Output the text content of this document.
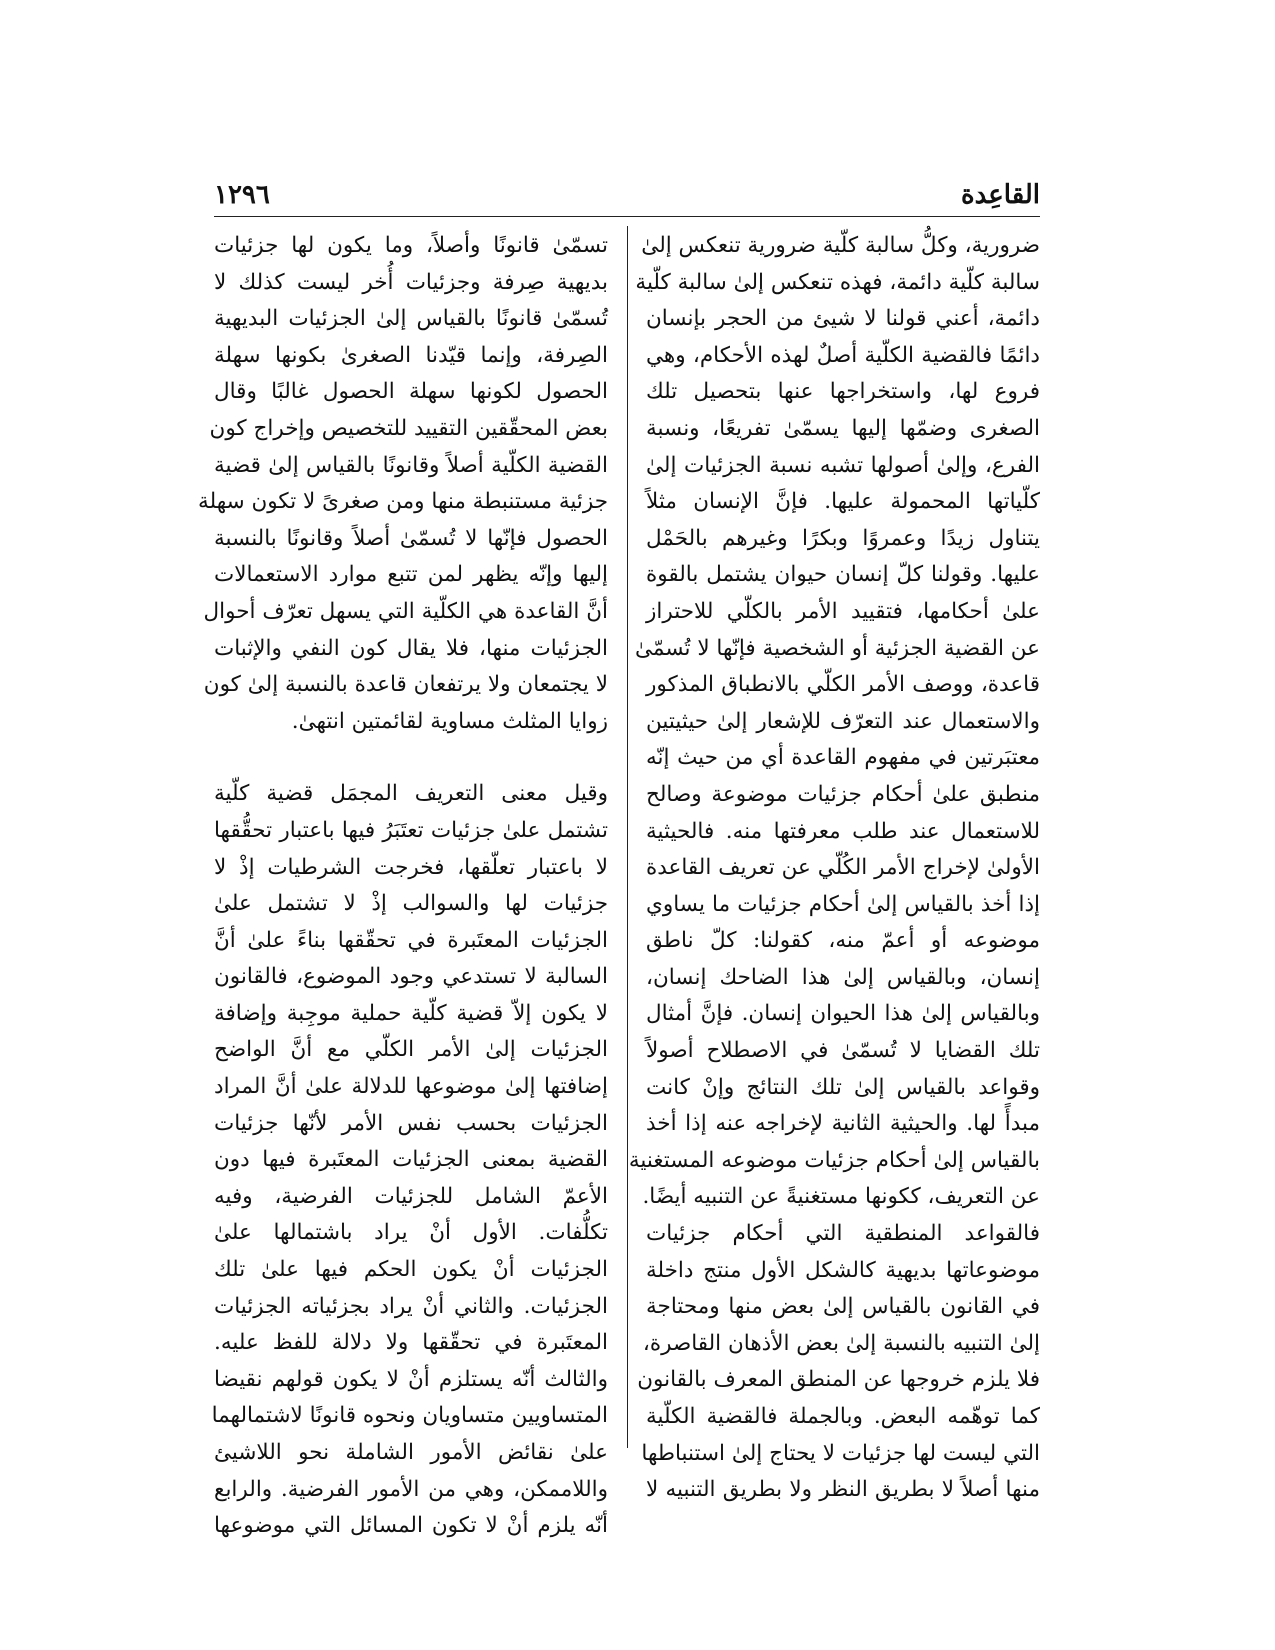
القاعِدة
١٢٩٦
ضرورية، وكلُّ سالبة كلّية ضرورية تنعكس إلىٰ
سالبة كلّية دائمة، فهذه تنعكس إلىٰ سالبة كلّية
دائمة، أعني قولنا لا شيئ من الحجر بإنسان
دائمًا فالقضية الكلّية أصلٌ لهذه الأحكام، وهي
فروع لها، واستخراجها عنها بتحصيل تلك
الصغرى وضمّها إليها يسمّىٰ تفريعًا، ونسبة
الفرع، وإلىٰ أصولها تشبه نسبة الجزئيات إلىٰ
كلّياتها المحمولة عليها. فإنَّ الإنسان مثلاً
يتناول زيدًا وعمروًا وبكرًا وغيرهم بالحَمْل
عليها. وقولنا كلّ إنسان حيوان يشتمل بالقوة
علىٰ أحكامها، فتقييد الأمر بالكلّي للاحتراز
عن القضية الجزئية أو الشخصية فإنّها لا تُسمّىٰ
قاعدة، ووصف الأمر الكلّي بالانطباق المذكور
والاستعمال عند التعرّف للإشعار إلىٰ حيثيتين
معتبَرتين في مفهوم القاعدة أي من حيث إنّه
منطبق علىٰ أحكام جزئيات موضوعة وصالح
للاستعمال عند طلب معرفتها منه. فالحيثية
الأولىٰ لإخراج الأمر الكُلّي عن تعريف القاعدة
إذا أخذ بالقياس إلىٰ أحكام جزئيات ما يساوي
موضوعه أو أعمّ منه، كقولنا: كلّ ناطق
إنسان، وبالقياس إلىٰ هذا الضاحك إنسان،
وبالقياس إلىٰ هذا الحيوان إنسان. فإنَّ أمثال
تلك القضايا لا تُسمّىٰ في الاصطلاح أصولاً
وقواعد بالقياس إلىٰ تلك النتائج وإنْ كانت
مبدأً لها. والحيثية الثانية لإخراجه عنه إذا أخذ
بالقياس إلىٰ أحكام جزئيات موضوعه المستغنية
عن التعريف، ككونها مستغنيةً عن التنبيه أيضًا.
فالقواعد المنطقية التي أحكام جزئيات
موضوعاتها بديهية كالشكل الأول منتج داخلة
في القانون بالقياس إلىٰ بعض منها ومحتاجة
إلىٰ التنبيه بالنسبة إلىٰ بعض الأذهان القاصرة،
فلا يلزم خروجها عن المنطق المعرف بالقانون
كما توهّمه البعض. وبالجملة فالقضية الكلّية
التي ليست لها جزئيات لا يحتاج إلىٰ استنباطها
منها أصلاً لا بطريق النظر ولا بطريق التنبيه لا
تسمّىٰ قانونًا وأصلاً، وما يكون لها جزئيات
بديهية صِرفة وجزئيات أُخر ليست كذلك لا
تُسمّىٰ قانونًا بالقياس إلىٰ الجزئيات البديهية
الصِرفة، وإنما قيّدنا الصغرىٰ بكونها سهلة
الحصول لكونها سهلة الحصول غالبًا وقال
بعض المحقّقين التقييد للتخصيص وإخراج كون
القضية الكلّية أصلاً وقانونًا بالقياس إلىٰ قضية
جزئية مستنبطة منها ومن صغرىً لا تكون سهلة
الحصول فإنّها لا تُسمّىٰ أصلاً وقانونًا بالنسبة
إليها وإنّه يظهر لمن تتبع موارد الاستعمالات
أنَّ القاعدة هي الكلّية التي يسهل تعرّف أحوال
الجزئيات منها، فلا يقال كون النفي والإثبات
لا يجتمعان ولا يرتفعان قاعدة بالنسبة إلىٰ كون
زوايا المثلث مساوية لقائمتين انتهىٰ.
وقيل معنى التعريف المجمَل قضية كلّية
تشتمل علىٰ جزئيات تعتَبَرُ فيها باعتبار تحقُّقها
لا باعتبار تعلّقها، فخرجت الشرطيات إذْ لا
جزئيات لها والسوالب إذْ لا تشتمل علىٰ
الجزئيات المعتَبرة في تحقّقها بناءً علىٰ أنَّ
السالبة لا تستدعي وجود الموضوع، فالقانون
لا يكون إلاّ قضية كلّية حملية موجِبة وإضافة
الجزئيات إلىٰ الأمر الكلّي مع أنَّ الواضح
إضافتها إلىٰ موضوعها للدلالة علىٰ أنَّ المراد
الجزئيات بحسب نفس الأمر لأنّها جزئيات
القضية بمعنى الجزئيات المعتَبرة فيها دون
الأعمّ الشامل للجزئيات الفرضية، وفيه
تكلُّفات. الأول أنْ يراد باشتمالها علىٰ
الجزئيات أنْ يكون الحكم فيها علىٰ تلك
الجزئيات. والثاني أنْ يراد بجزئياته الجزئيات
المعتَبرة في تحقّقها ولا دلالة للفظ عليه.
والثالث أنّه يستلزم أنْ لا يكون قولهم نقيضا
المتساويين متساويان ونحوه قانونًا لاشتمالهما
علىٰ نقائض الأمور الشاملة نحو اللاشيئ
واللاممكن، وهي من الأمور الفرضية. والرابع
أنّه يلزم أنْ لا تكون المسائل التي موضوعها
